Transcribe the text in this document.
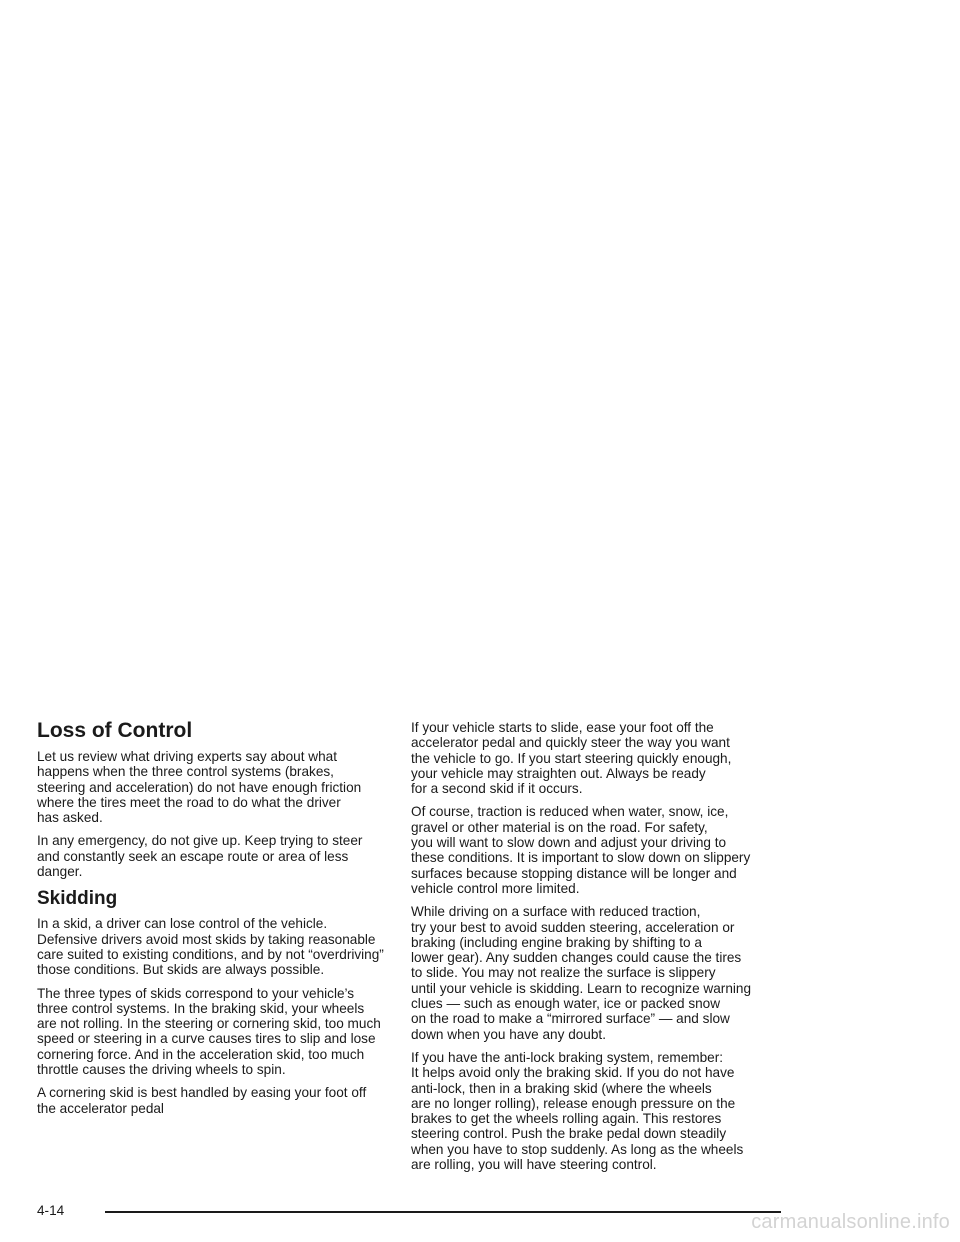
Loss of Control

Let us review what driving experts say about what
happens when the three control systems (brakes,
steering and acceleration) do not have enough friction
where the tires meet the road to do what the driver
has asked.

In any emergency, do not give up. Keep trying to steer
and constantly seek an escape route or area of less
danger.

Skidding

In a skid, a driver can lose control of the vehicle.
Defensive drivers avoid most skids by taking reasonable
care suited to existing conditions, and by not “overdriving”
those conditions. But skids are always possible.

The three types of skids correspond to your vehicle’s
three control systems. In the braking skid, your wheels
are not rolling. In the steering or cornering skid, too much
speed or steering in a curve causes tires to slip and lose
cornering force. And in the acceleration skid, too much
throttle causes the driving wheels to spin.

A cornering skid is best handled by easing your foot off
the accelerator pedal

If your vehicle starts to slide, ease your foot off the
accelerator pedal and quickly steer the way you want
the vehicle to go. If you start steering quickly enough,
your vehicle may straighten out. Always be ready
for a second skid if it occurs.

Of course, traction is reduced when water, snow, ice,
gravel or other material is on the road. For safety,
you will want to slow down and adjust your driving to
these conditions. It is important to slow down on slippery
surfaces because stopping distance will be longer and
vehicle control more limited.

While driving on a surface with reduced traction,
try your best to avoid sudden steering, acceleration or
braking (including engine braking by shifting to a
lower gear). Any sudden changes could cause the tires
to slide. You may not realize the surface is slippery
until your vehicle is skidding. Learn to recognize warning
clues — such as enough water, ice or packed snow
on the road to make a “mirrored surface” — and slow
down when you have any doubt.

If you have the anti-lock braking system, remember:
It helps avoid only the braking skid. If you do not have
anti-lock, then in a braking skid (where the wheels
are no longer rolling), release enough pressure on the
brakes to get the wheels rolling again. This restores
steering control. Push the brake pedal down steadily
when you have to stop suddenly. As long as the wheels
are rolling, you will have steering control.

4-14
carmanualsonline.info
